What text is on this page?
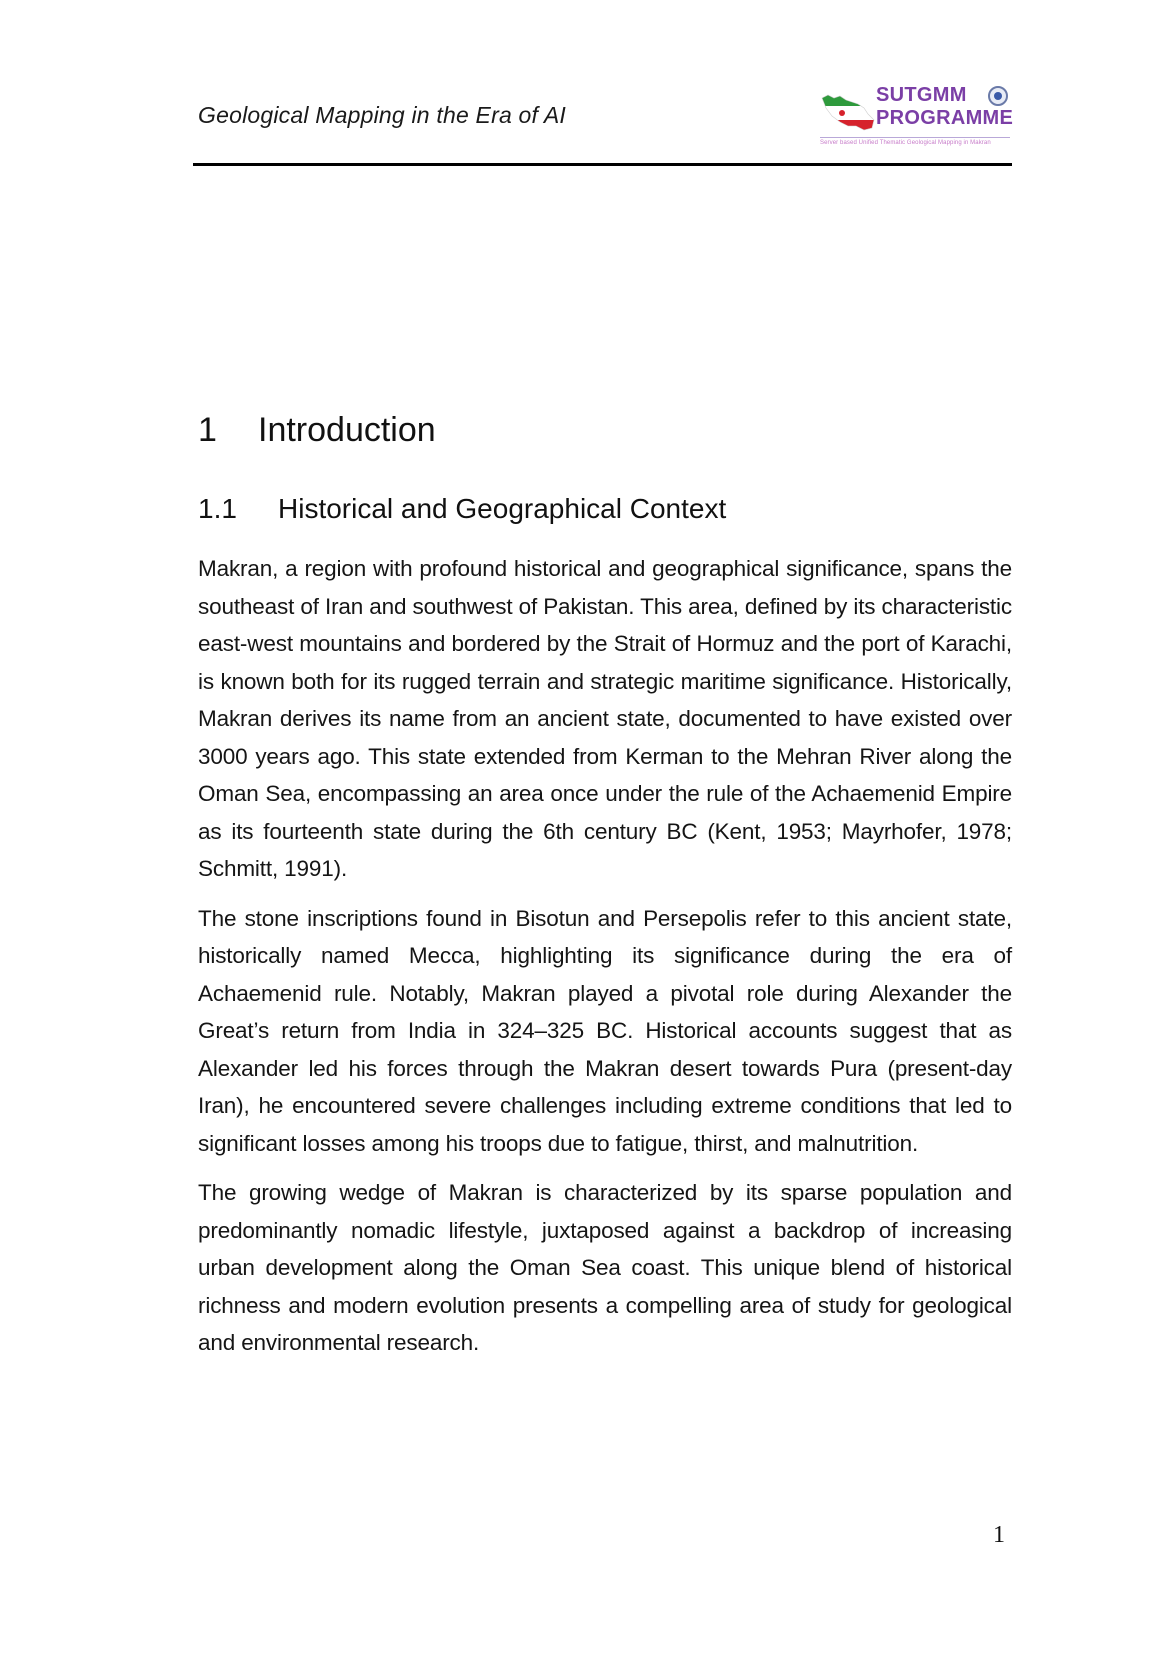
Geological Mapping in the Era of AI
SUTGMM
PROGRAMME
Server based Unified Thematic Geological Mapping in Makran
1 Introduction
1.1 Historical and Geographical Context

Makran, a region with profound historical and geographical significance, spans the southeast of Iran and southwest of Pakistan. This area, defined by its characteristic east-west mountains and bordered by the Strait of Hormuz and the port of Karachi, is known both for its rugged terrain and strategic maritime significance. Historically, Makran derives its name from an ancient state, documented to have existed over 3000 years ago. This state extended from Kerman to the Mehran River along the Oman Sea, encompassing an area once under the rule of the Achaemenid Empire as its fourteenth state during the 6th century BC (Kent, 1953; Mayrhofer, 1978; Schmitt, 1991).

The stone inscriptions found in Bisotun and Persepolis refer to this ancient state, historically named Mecca, highlighting its significance during the era of Achaemenid rule. Notably, Makran played a pivotal role during Alexander the Great’s return from India in 324–325 BC. Historical accounts suggest that as Alexander led his forces through the Makran desert towards Pura (present-day Iran), he encountered severe challenges including extreme conditions that led to significant losses among his troops due to fatigue, thirst, and malnutrition.

The growing wedge of Makran is characterized by its sparse population and predominantly nomadic lifestyle, juxtaposed against a backdrop of increasing urban development along the Oman Sea coast. This unique blend of historical richness and modern evolution presents a compelling area of study for geological and environmental research.

1
